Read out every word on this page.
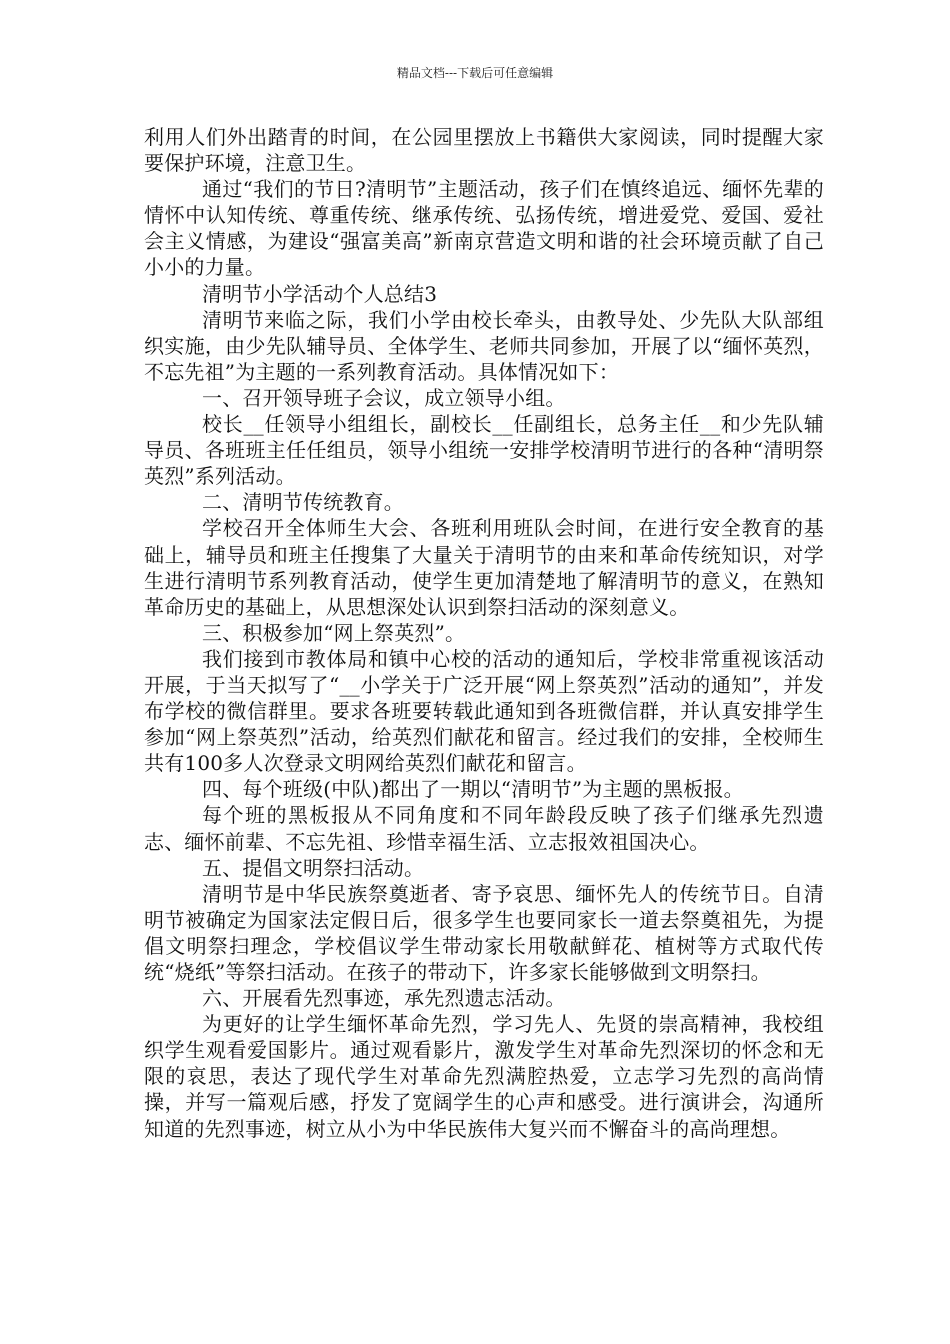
精品文档---下载后可任意编辑

利用人们外出踏青的时间，在公园里摆放上书籍供大家阅读，同时提醒大家要保护环境，注意卫生。

通过“我们的节日?清明节”主题活动，孩子们在慎终追远、缅怀先辈的情怀中认知传统、尊重传统、继承传统、弘扬传统，增进爱党、爱国、爱社会主义情感，为建设“强富美高”新南京营造文明和谐的社会环境贡献了自己小小的力量。

清明节小学活动个人总结3

清明节来临之际，我们小学由校长牵头，由教导处、少先队大队部组织实施，由少先队辅导员、全体学生、老师共同参加，开展了以“缅怀英烈，不忘先祖”为主题的一系列教育活动。具体情况如下：

一、召开领导班子会议，成立领导小组。

校长__任领导小组组长，副校长__任副组长，总务主任__和少先队辅导员、各班班主任任组员，领导小组统一安排学校清明节进行的各种“清明祭英烈”系列活动。

二、清明节传统教育。

学校召开全体师生大会、各班利用班队会时间，在进行安全教育的基础上，辅导员和班主任搜集了大量关于清明节的由来和革命传统知识，对学生进行清明节系列教育活动，使学生更加清楚地了解清明节的意义，在熟知革命历史的基础上，从思想深处认识到祭扫活动的深刻意义。

三、积极参加“网上祭英烈”。

我们接到市教体局和镇中心校的活动的通知后，学校非常重视该活动开展，于当天拟写了“__小学关于广泛开展“网上祭英烈”活动的通知”，并发布学校的微信群里。要求各班要转载此通知到各班微信群，并认真安排学生参加“网上祭英烈”活动，给英烈们献花和留言。经过我们的安排，全校师生共有100多人次登录文明网给英烈们献花和留言。

四、每个班级(中队)都出了一期以“清明节”为主题的黑板报。

每个班的黑板报从不同角度和不同年龄段反映了孩子们继承先烈遗志、缅怀前辈、不忘先祖、珍惜幸福生活、立志报效祖国决心。

五、提倡文明祭扫活动。

清明节是中华民族祭奠逝者、寄予哀思、缅怀先人的传统节日。自清明节被确定为国家法定假日后，很多学生也要同家长一道去祭奠祖先，为提倡文明祭扫理念，学校倡议学生带动家长用敬献鲜花、植树等方式取代传统“烧纸”等祭扫活动。在孩子的带动下，许多家长能够做到文明祭扫。

六、开展看先烈事迹，承先烈遗志活动。

为更好的让学生缅怀革命先烈，学习先人、先贤的崇高精神，我校组织学生观看爱国影片。通过观看影片，激发学生对革命先烈深切的怀念和无限的哀思，表达了现代学生对革命先烈满腔热爱，立志学习先烈的高尚情操，并写一篇观后感，抒发了宽阔学生的心声和感受。进行演讲会，沟通所知道的先烈事迹，树立从小为中华民族伟大复兴而不懈奋斗的高尚理想。
